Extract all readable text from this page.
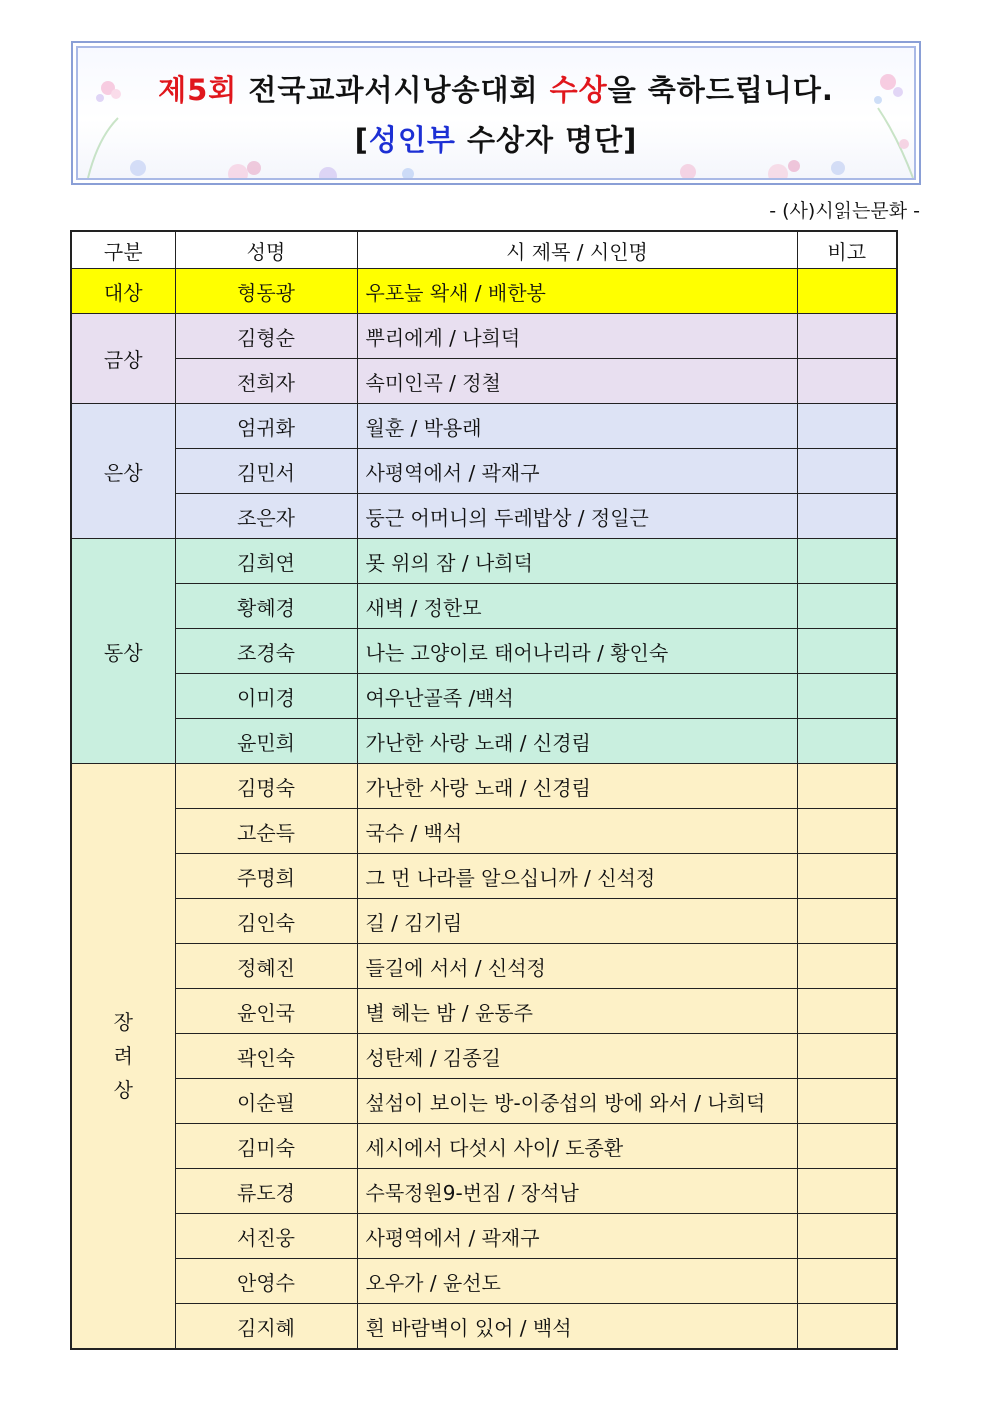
제5회 전국교과서시낭송대회 수상을 축하드립니다.
[성인부 수상자 명단]
- (사)시읽는문화 -
구분	성명	시 제목 / 시인명	비고
대상	형동광	우포늪 왁새 / 배한봉	
금상	김형순	뿌리에게 / 나희덕	
	전희자	속미인곡 / 정철	
은상	엄귀화	월훈 / 박용래	
	김민서	사평역에서 / 곽재구	
	조은자	둥근 어머니의 두레밥상 / 정일근	
동상	김희연	못 위의 잠 / 나희덕	
	황혜경	새벽 / 정한모	
	조경숙	나는 고양이로 태어나리라 / 황인숙	
	이미경	여우난골족 /백석	
	윤민희	가난한 사랑 노래 / 신경림	

장
려
상	김명숙	가난한 사랑 노래 / 신경림	
	고순득	국수 / 백석	
	주명희	그 먼 나라를 알으십니까 / 신석정	
	김인숙	길 / 김기림	
	정혜진	들길에 서서 / 신석정	
	윤인국	별 헤는 밤 / 윤동주	
	곽인숙	성탄제 / 김종길	
	이순필	섶섬이 보이는 방-이중섭의 방에 와서 / 나희덕	
	김미숙	세시에서 다섯시 사이/ 도종환	
	류도경	수묵정원9-번짐 / 장석남	
	서진웅	사평역에서 / 곽재구	
	안영수	오우가 / 윤선도	
	김지혜	흰 바람벽이 있어 / 백석	
